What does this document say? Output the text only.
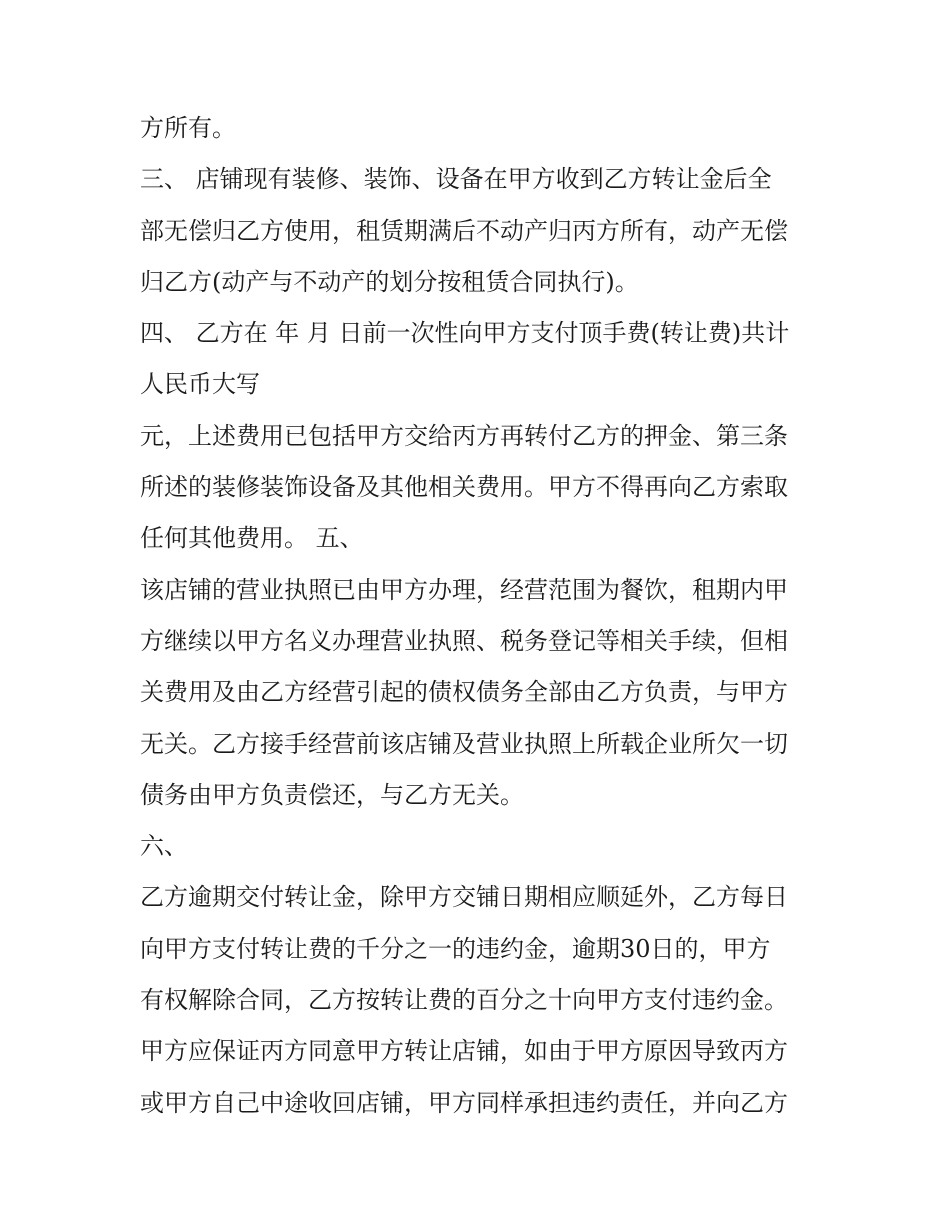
方所有。
三、 店铺现有装修、装饰、设备在甲方收到乙方转让金后全
部无偿归乙方使用，租赁期满后不动产归丙方所有，动产无偿
归乙方(动产与不动产的划分按租赁合同执行)。
四、 乙方在 年 月 日前一次性向甲方支付顶手费(转让费)共计
人民币大写
元，上述费用已包括甲方交给丙方再转付乙方的押金、第三条
所述的装修装饰设备及其他相关费用。甲方不得再向乙方索取
任何其他费用。 五、
该店铺的营业执照已由甲方办理，经营范围为餐饮，租期内甲
方继续以甲方名义办理营业执照、税务登记等相关手续，但相
关费用及由乙方经营引起的债权债务全部由乙方负责，与甲方
无关。乙方接手经营前该店铺及营业执照上所载企业所欠一切
债务由甲方负责偿还，与乙方无关。
六、
乙方逾期交付转让金，除甲方交铺日期相应顺延外，乙方每日
向甲方支付转让费的千分之一的违约金，逾期30日的，甲方
有权解除合同，乙方按转让费的百分之十向甲方支付违约金。
甲方应保证丙方同意甲方转让店铺，如由于甲方原因导致丙方
或甲方自己中途收回店铺，甲方同样承担违约责任，并向乙方
